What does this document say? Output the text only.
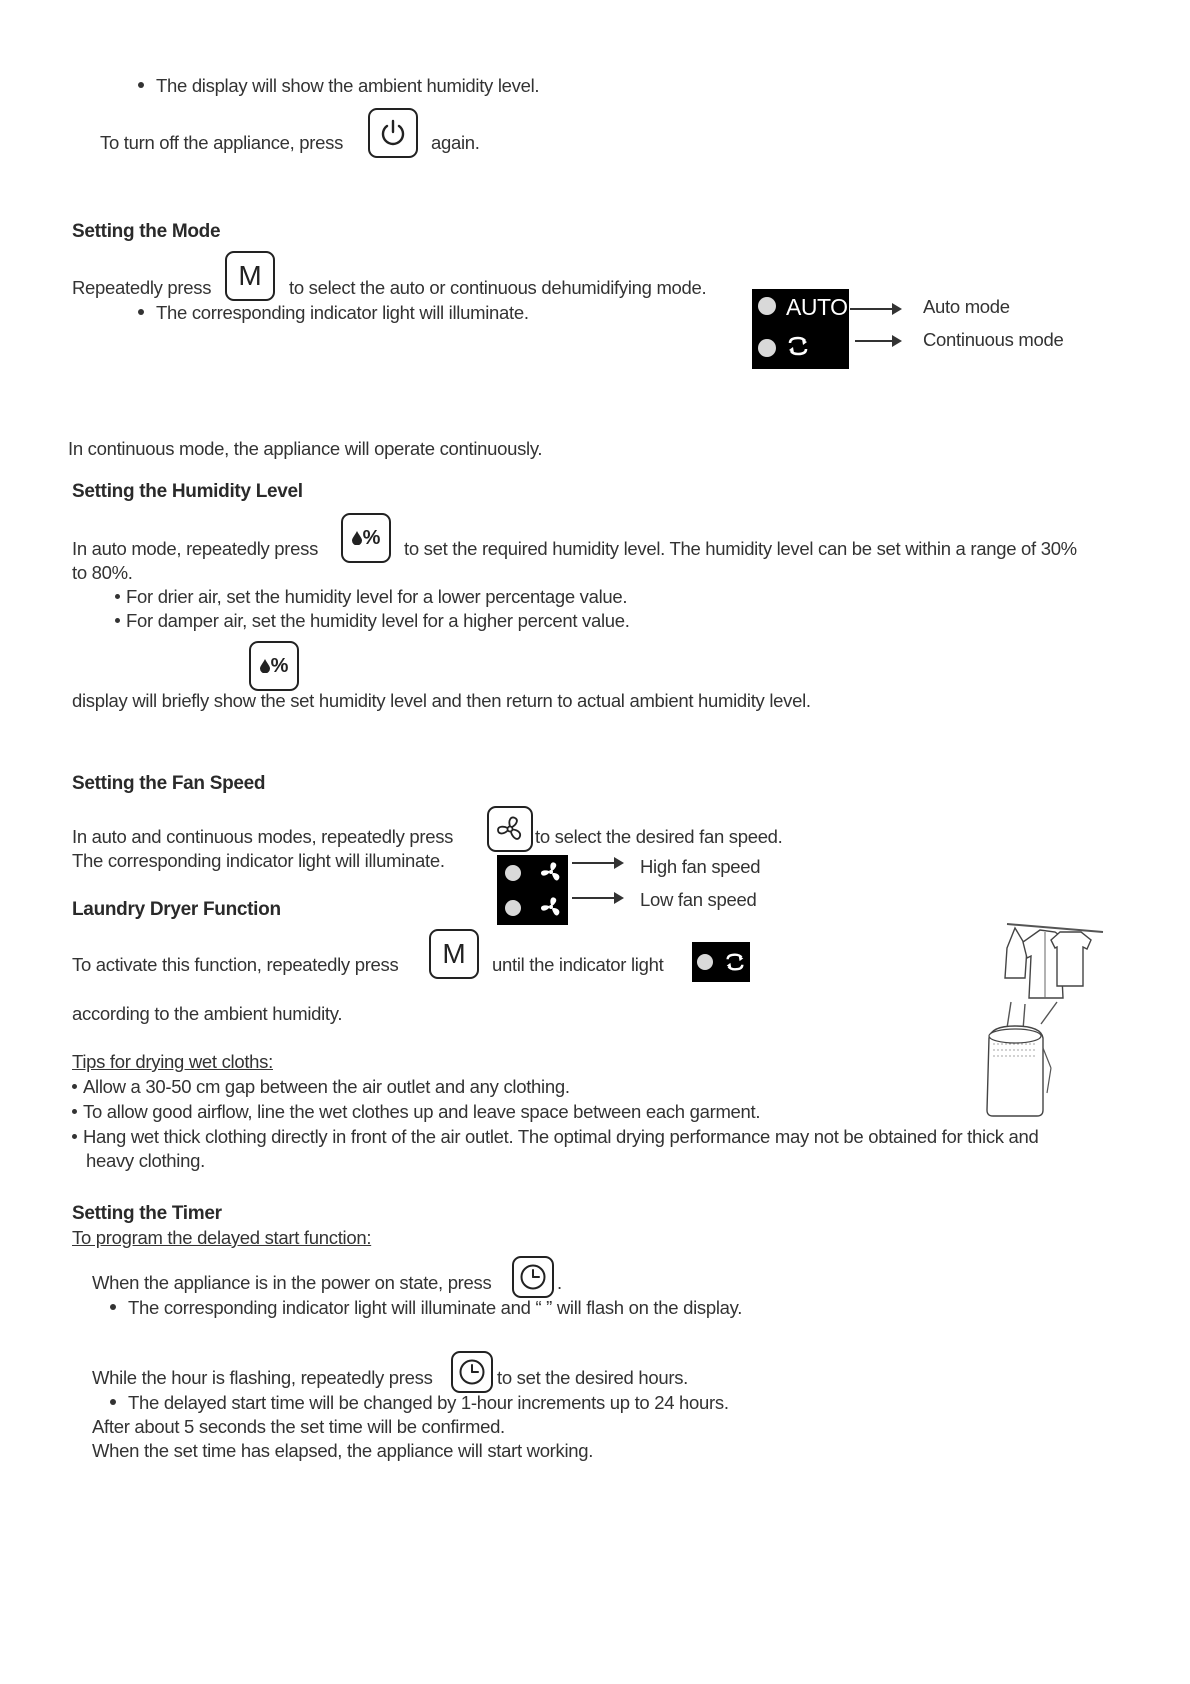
The display will show the ambient humidity level.
To turn off the appliance, press	again.
Setting the Mode
Repeatedly press M to select the auto or continuous dehumidifying mode.
The corresponding indicator light will illuminate.	AUTO	Auto mode
Continuous mode
In continuous mode, the appliance will operate continuously.
Setting the Humidity Level
In auto mode, repeatedly press % to set the required humidity level. The humidity level can be set within a range of 30%
to 80%.
For drier air, set the humidity level for a lower percentage value.
For damper air, set the humidity level for a higher percent value.
%
display will briefly show the set humidity level and then return to actual ambient humidity level.
Setting the Fan Speed
In auto and continuous modes, repeatedly press	to select the desired fan speed.
The corresponding indicator light will illuminate.	High fan speed
Low fan speed
Laundry Dryer Function
To activate this function, repeatedly press M until the indicator light
according to the ambient humidity.
Tips for drying wet cloths:
Allow a 30-50 cm gap between the air outlet and any clothing.
To allow good airflow, line the wet clothes up and leave space between each garment.
Hang wet thick clothing directly in front of the air outlet. The optimal drying performance may not be obtained for thick and
heavy clothing.
Setting the Timer
To program the delayed start function:
When the appliance is in the power on state, press	.
The corresponding indicator light will illuminate and “ ” will flash on the display.
While the hour is flashing, repeatedly press	to set the desired hours.
The delayed start time will be changed by 1-hour increments up to 24 hours.
After about 5 seconds the set time will be confirmed.
When the set time has elapsed, the appliance will start working.
